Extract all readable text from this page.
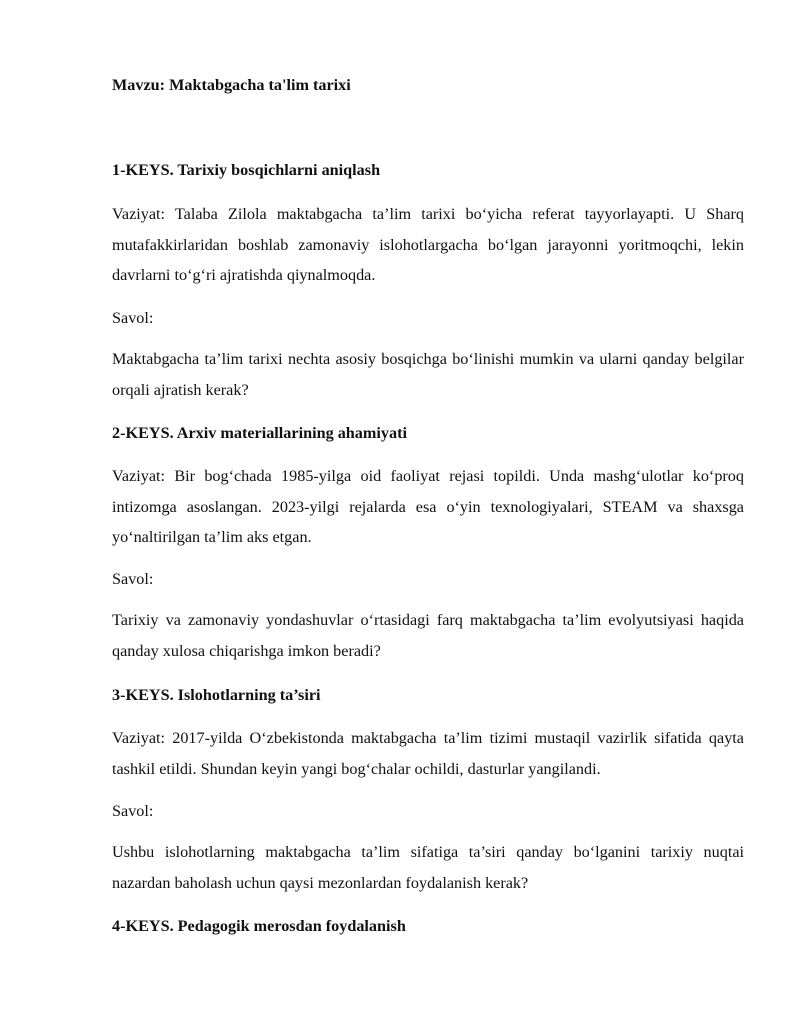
Mavzu: Maktabgacha ta'lim tarixi

1-KEYS. Tarixiy bosqichlarni aniqlash

Vaziyat: Talaba Zilola maktabgacha ta’lim tarixi bo‘yicha referat tayyorlayapti. U Sharq mutafakkirlaridan boshlab zamonaviy islohotlargacha bo‘lgan jarayonni yoritmoqchi, lekin davrlarni to‘g‘ri ajratishda qiynalmoqda.

Savol:

Maktabgacha ta’lim tarixi nechta asosiy bosqichga bo‘linishi mumkin va ularni qanday belgilar orqali ajratish kerak?

2-KEYS. Arxiv materiallarining ahamiyati

Vaziyat: Bir bog‘chada 1985-yilga oid faoliyat rejasi topildi. Unda mashg‘ulotlar ko‘proq intizomga asoslangan. 2023-yilgi rejalarda esa o‘yin texnologiyalari, STEAM va shaxsga yo‘naltirilgan ta’lim aks etgan.

Savol:

Tarixiy va zamonaviy yondashuvlar o‘rtasidagi farq maktabgacha ta’lim evolyutsiyasi haqida qanday xulosa chiqarishga imkon beradi?

3-KEYS. Islohotlarning ta’siri

Vaziyat: 2017-yilda O‘zbekistonda maktabgacha ta’lim tizimi mustaqil vazirlik sifatida qayta tashkil etildi. Shundan keyin yangi bog‘chalar ochildi, dasturlar yangilandi.

Savol:

Ushbu islohotlarning maktabgacha ta’lim sifatiga ta’siri qanday bo‘lganini tarixiy nuqtai nazardan baholash uchun qaysi mezonlardan foydalanish kerak?

4-KEYS. Pedagogik merosdan foydalanish
